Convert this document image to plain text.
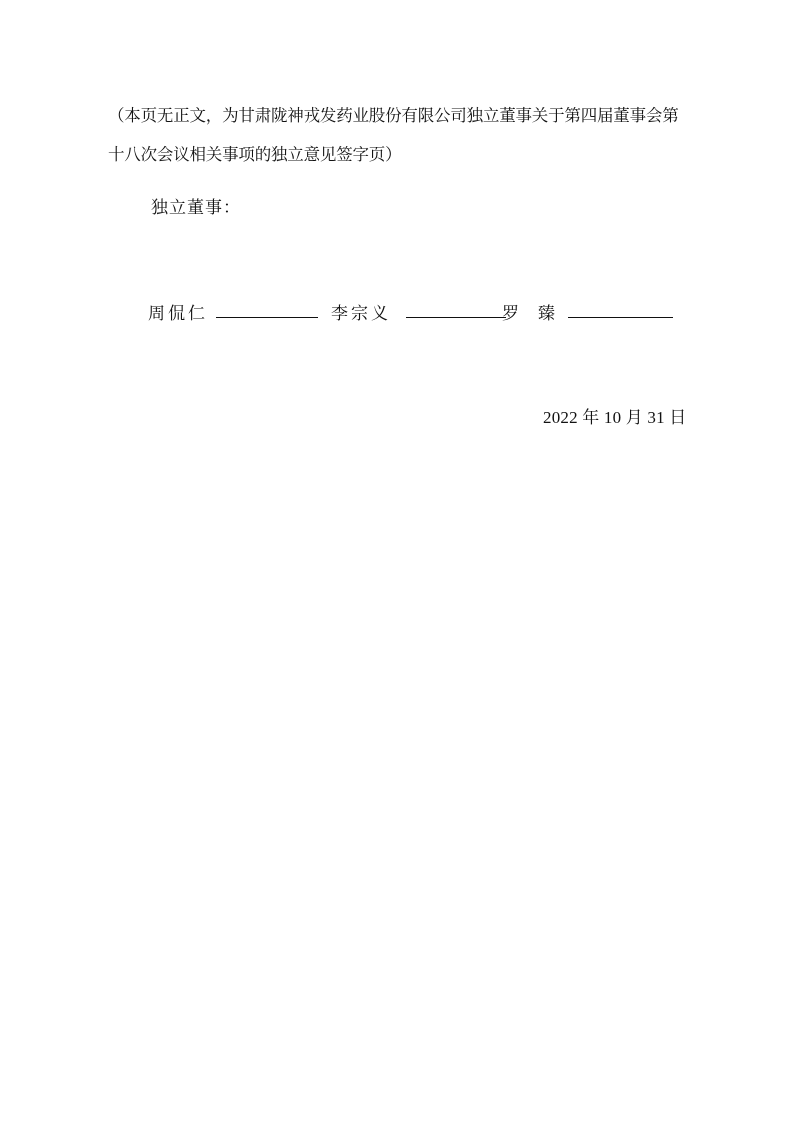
（本页无正文，为甘肃陇神戎发药业股份有限公司独立董事关于第四届董事会第
十八次会议相关事项的独立意见签字页）
独立董事：
周侃仁	李宗义	罗　臻
2022 年 10 月 31 日
